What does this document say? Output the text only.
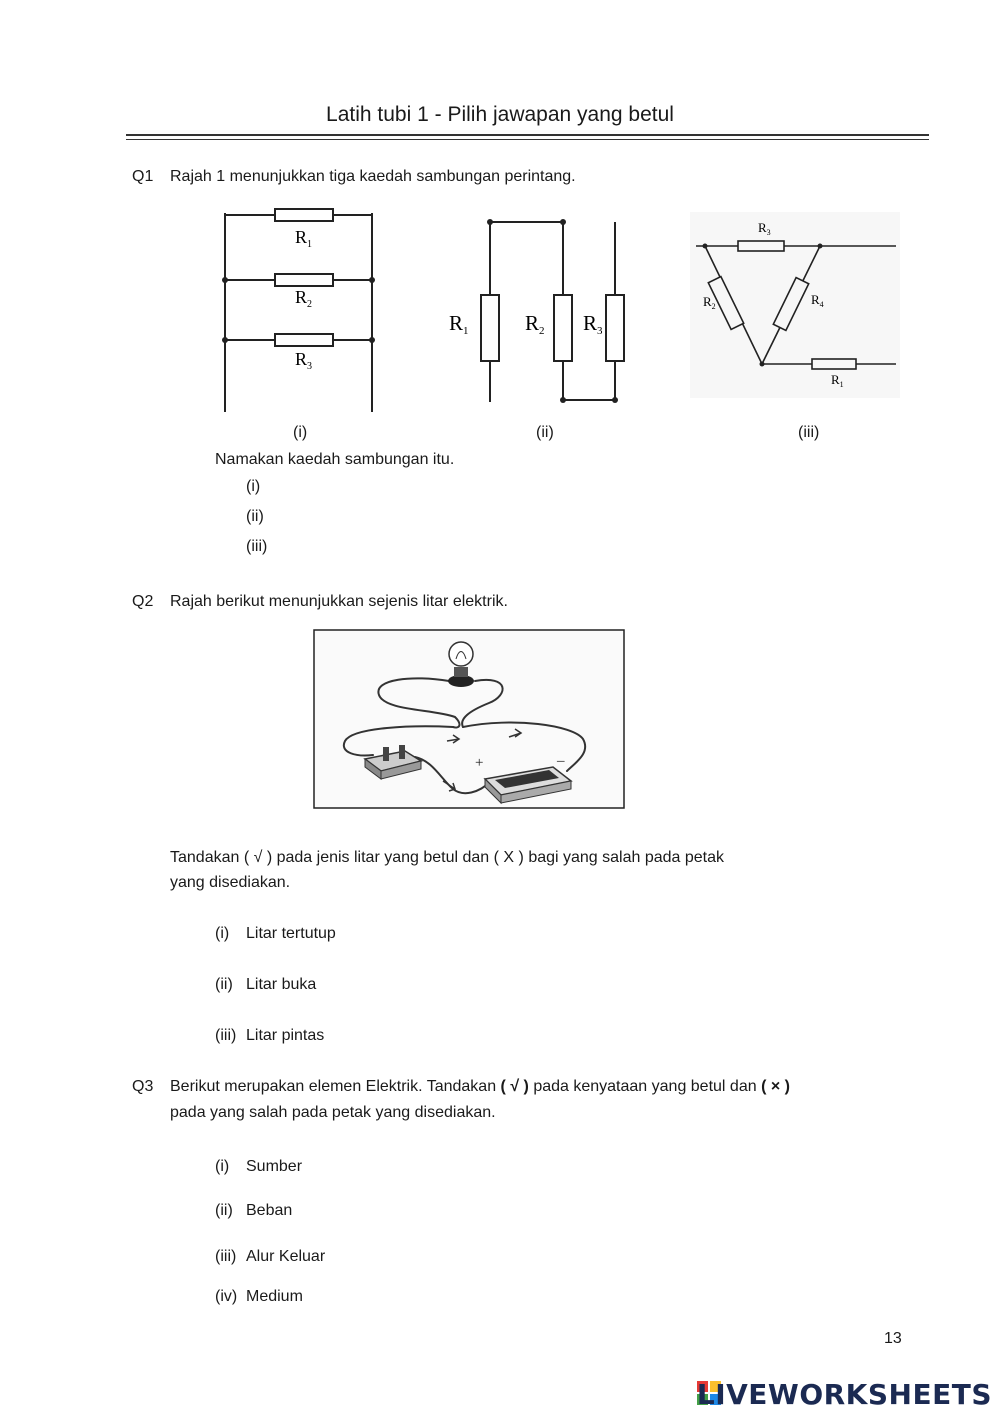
Latih tubi 1 - Pilih jawapan yang betul
Q1 Rajah 1 menunjukkan tiga kaedah sambungan perintang.
$R_1$
$R_2$
$R_3$
R1	R2 R3
$R_3$
$R_2$	$R_4$
$R_1$
(i)	(ii)	(iii)
Namakan kaedah sambungan itu.
(i)
(ii)
(iii)
Q2 Rajah berikut menunjukkan sejenis litar elektrik.
+	–
Tandakan ( √ ) pada jenis litar yang betul dan ( X ) bagi yang salah pada petak
yang disediakan.
(i) Litar tertutup
(ii) Litar buka
(iii) Litar pintas
Q3 Berikut merupakan elemen Elektrik. Tandakan ( √ ) pada kenyataan yang betul dan ( × )
pada yang salah pada petak yang disediakan.
(i) Sumber
(ii) Beban
(iii) Alur Keluar
(iv) Medium
13
LIVEWORKSHEETS
